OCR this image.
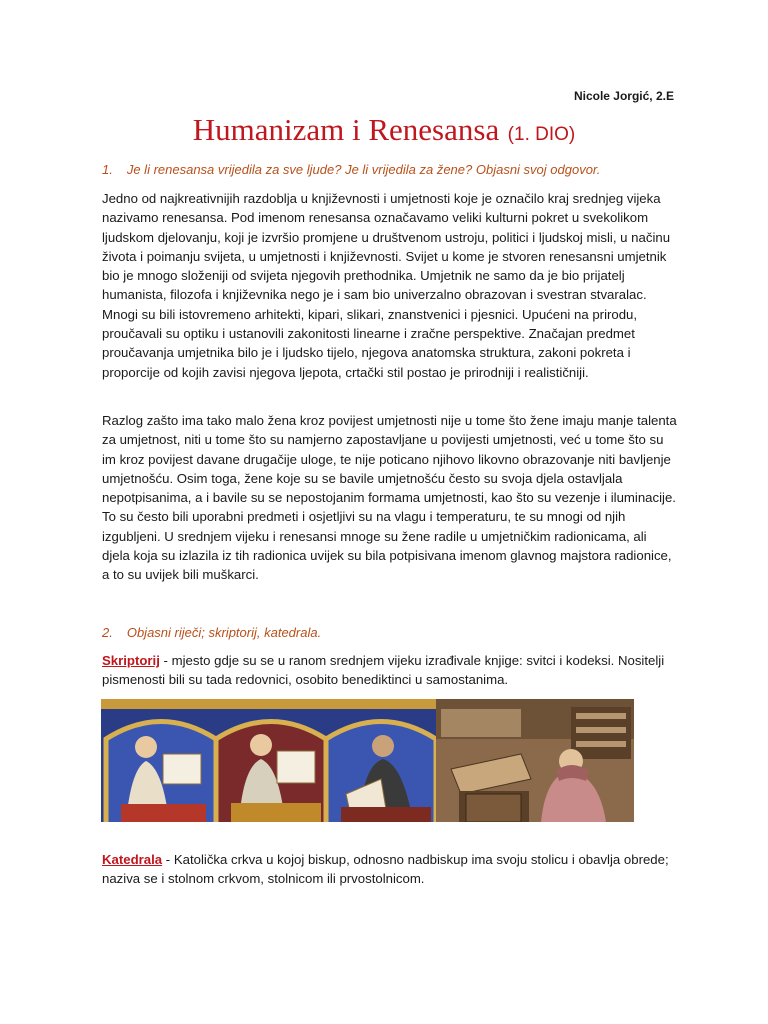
Nicole Jorgić, 2.E
Humanizam i Renesansa (1. DIO)
1. Je li renesansa vrijedila za sve ljude? Je li vrijedila za žene? Objasni svoj odgovor.
Jedno od najkreativnijih razdoblja u književnosti i umjetnosti koje je označilo kraj srednjeg vijeka nazivamo renesansa. Pod imenom renesansa označavamo veliki kulturni pokret u svekolikom ljudskom djelovanju, koji je izvršio promjene u društvenom ustroju, politici i ljudskoj misli, u načinu života i poimanju svijeta, u umjetnosti i književnosti. Svijet u kome je stvoren renesansni umjetnik bio je mnogo složeniji od svijeta njegovih prethodnika. Umjetnik ne samo da je bio prijatelj humanista, filozofa i književnika nego je i sam bio univerzalno obrazovan i svestran stvaralac. Mnogi su bili istovremeno arhitekti, kipari, slikari, znanstvenici i pjesnici. Upućeni na prirodu, proučavali su optiku i ustanovili zakonitosti linearne i zračne perspektive. Značajan predmet proučavanja umjetnika bilo je i ljudsko tijelo, njegova anatomska struktura, zakoni pokreta i proporcije od kojih zavisi njegova ljepota, crtački stil postao je prirodniji i realističniji.
Razlog zašto ima tako malo žena kroz povijest umjetnosti nije u tome što žene imaju manje talenta za umjetnost, niti u tome što su namjerno zapostavljane u povijesti umjetnosti, već u tome što su im kroz povijest davane drugačije uloge, te nije poticano njihovo likovno obrazovanje niti bavljenje umjetnošću. Osim toga, žene koje su se bavile umjetnošću često su svoja djela ostavljala nepotpisanima, a i bavile su se nepostojanim formama umjetnosti, kao što su vezenje i iluminacije. To su često bili uporabni predmeti i osjetljivi su na vlagu i temperaturu, te su mnogi od njih izgubljeni. U srednjem vijeku i renesansi mnoge su žene radile u umjetničkim radionicama, ali djela koja su izlazila iz tih radionica uvijek su bila potpisivana imenom glavnog majstora radionice, a to su uvijek bili muškarci.
2. Objasni riječi; skriptorij, katedrala.
Skriptorij - mjesto gdje su se u ranom srednjem vijeku izrađivale knjige: svitci i kodeksi. Nositelji pismenosti bili su tada redovnici, osobito benediktinci u samostanima.
Katedrala - Katolička crkva u kojoj biskup, odnosno nadbiskup ima svoju stolicu i obavlja obrede; naziva se i stolnom crkvom, stolnicom ili prvostolnicom.
